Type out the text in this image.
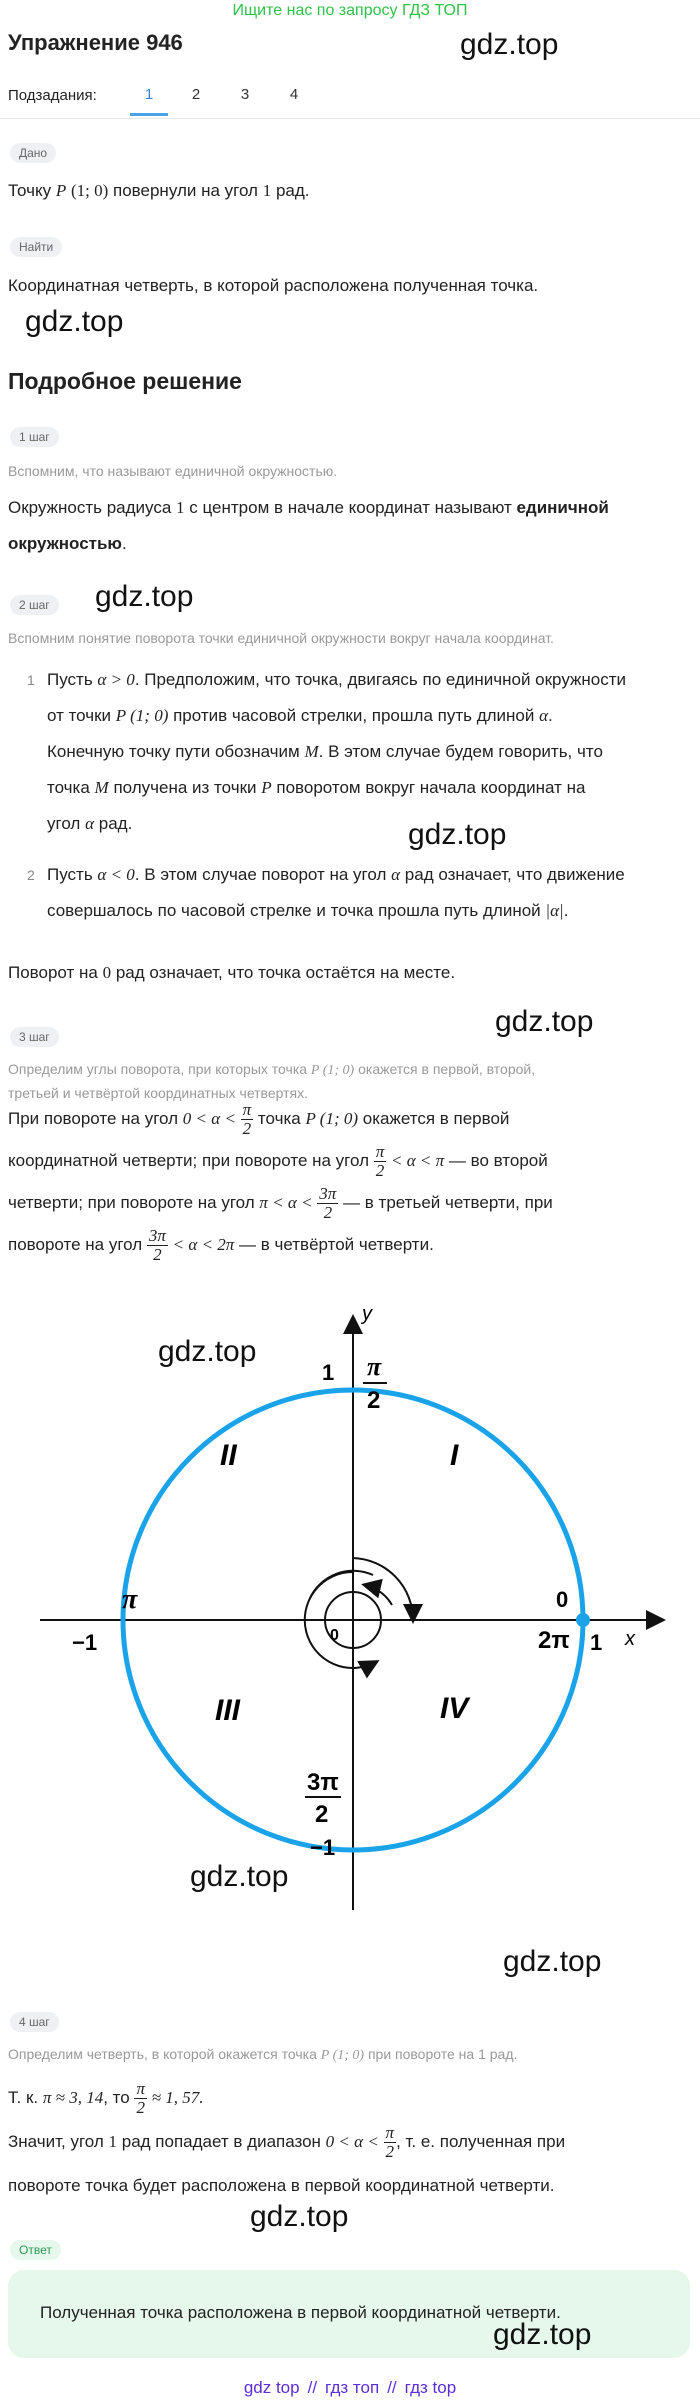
Ищите нас по запросу ГДЗ ТОП
Упражнение 946	gdz.top
Подзадания:	1	2	3	4
Дано
Точку P (1; 0) повернули на угол 1 рад.
Найти
Координатная четверть, в которой расположена полученная точка.
gdz.top
Подробное решение
1 шаг
Вспомним, что называют единичной окружностью.
Окружность радиуса 1 с центром в начале координат называют единичной
окружностью.
2 шаг	gdz.top
Вспомним понятие поворота точки единичной окружности вокруг начала координат.
1 Пусть α > 0. Предположим, что точка, двигаясь по единичной окружности
от точки P (1; 0) против часовой стрелки, прошла путь длиной α.
Конечную точку пути обозначим M. В этом случае будем говорить, что
точка M получена из точки P поворотом вокруг начала координат на
угол α рад.	gdz.top
2 Пусть α < 0. В этом случае поворот на угол α рад означает, что движение
совершалось по часовой стрелке и точка прошла путь длиной |α|.
Поворот на 0 рад означает, что точка остаётся на месте.
gdz.top
3 шаг
Определим углы поворота, при которых точка P (1; 0) окажется в первой, второй,
третьей и четвёртой координатных четвертях.
При повороте на угол $0 < \alpha < \frac{\pi}{2}$ точка P (1; 0) окажется в первой
координатной четверти; при повороте на угол $\frac{\pi}{2} < \alpha < \pi$ — во второй
четверти; при повороте на угол $\pi < \alpha < \frac{3\pi}{2}$ — в третьей четверти, при
повороте на угол $\frac{3\pi}{2} < \alpha < 2\pi$ — в четвёртой четверти.
y
x
1
−1
−1	1
π
2
π	0
2π
3π
2
0
I
II
III	IV
gdz.top
gdz.top
gdz.top
4 шаг
Определим четверть, в которой окажется точка P (1; 0) при повороте на 1 рад.
Т. к. π ≈ 3, 14, то $\frac{\pi}{2} \approx 1$, 57.
Значит, угол 1 рад попадает в диапазон $0 < \alpha < \frac{\pi}{2}$ , т. е. полученная при
повороте точка будет расположена в первой координатной четверти.
gdz.top
Ответ
Полученная точка расположена в первой координатной четверти.
gdz.top
gdz top // гдз топ // гдз top
